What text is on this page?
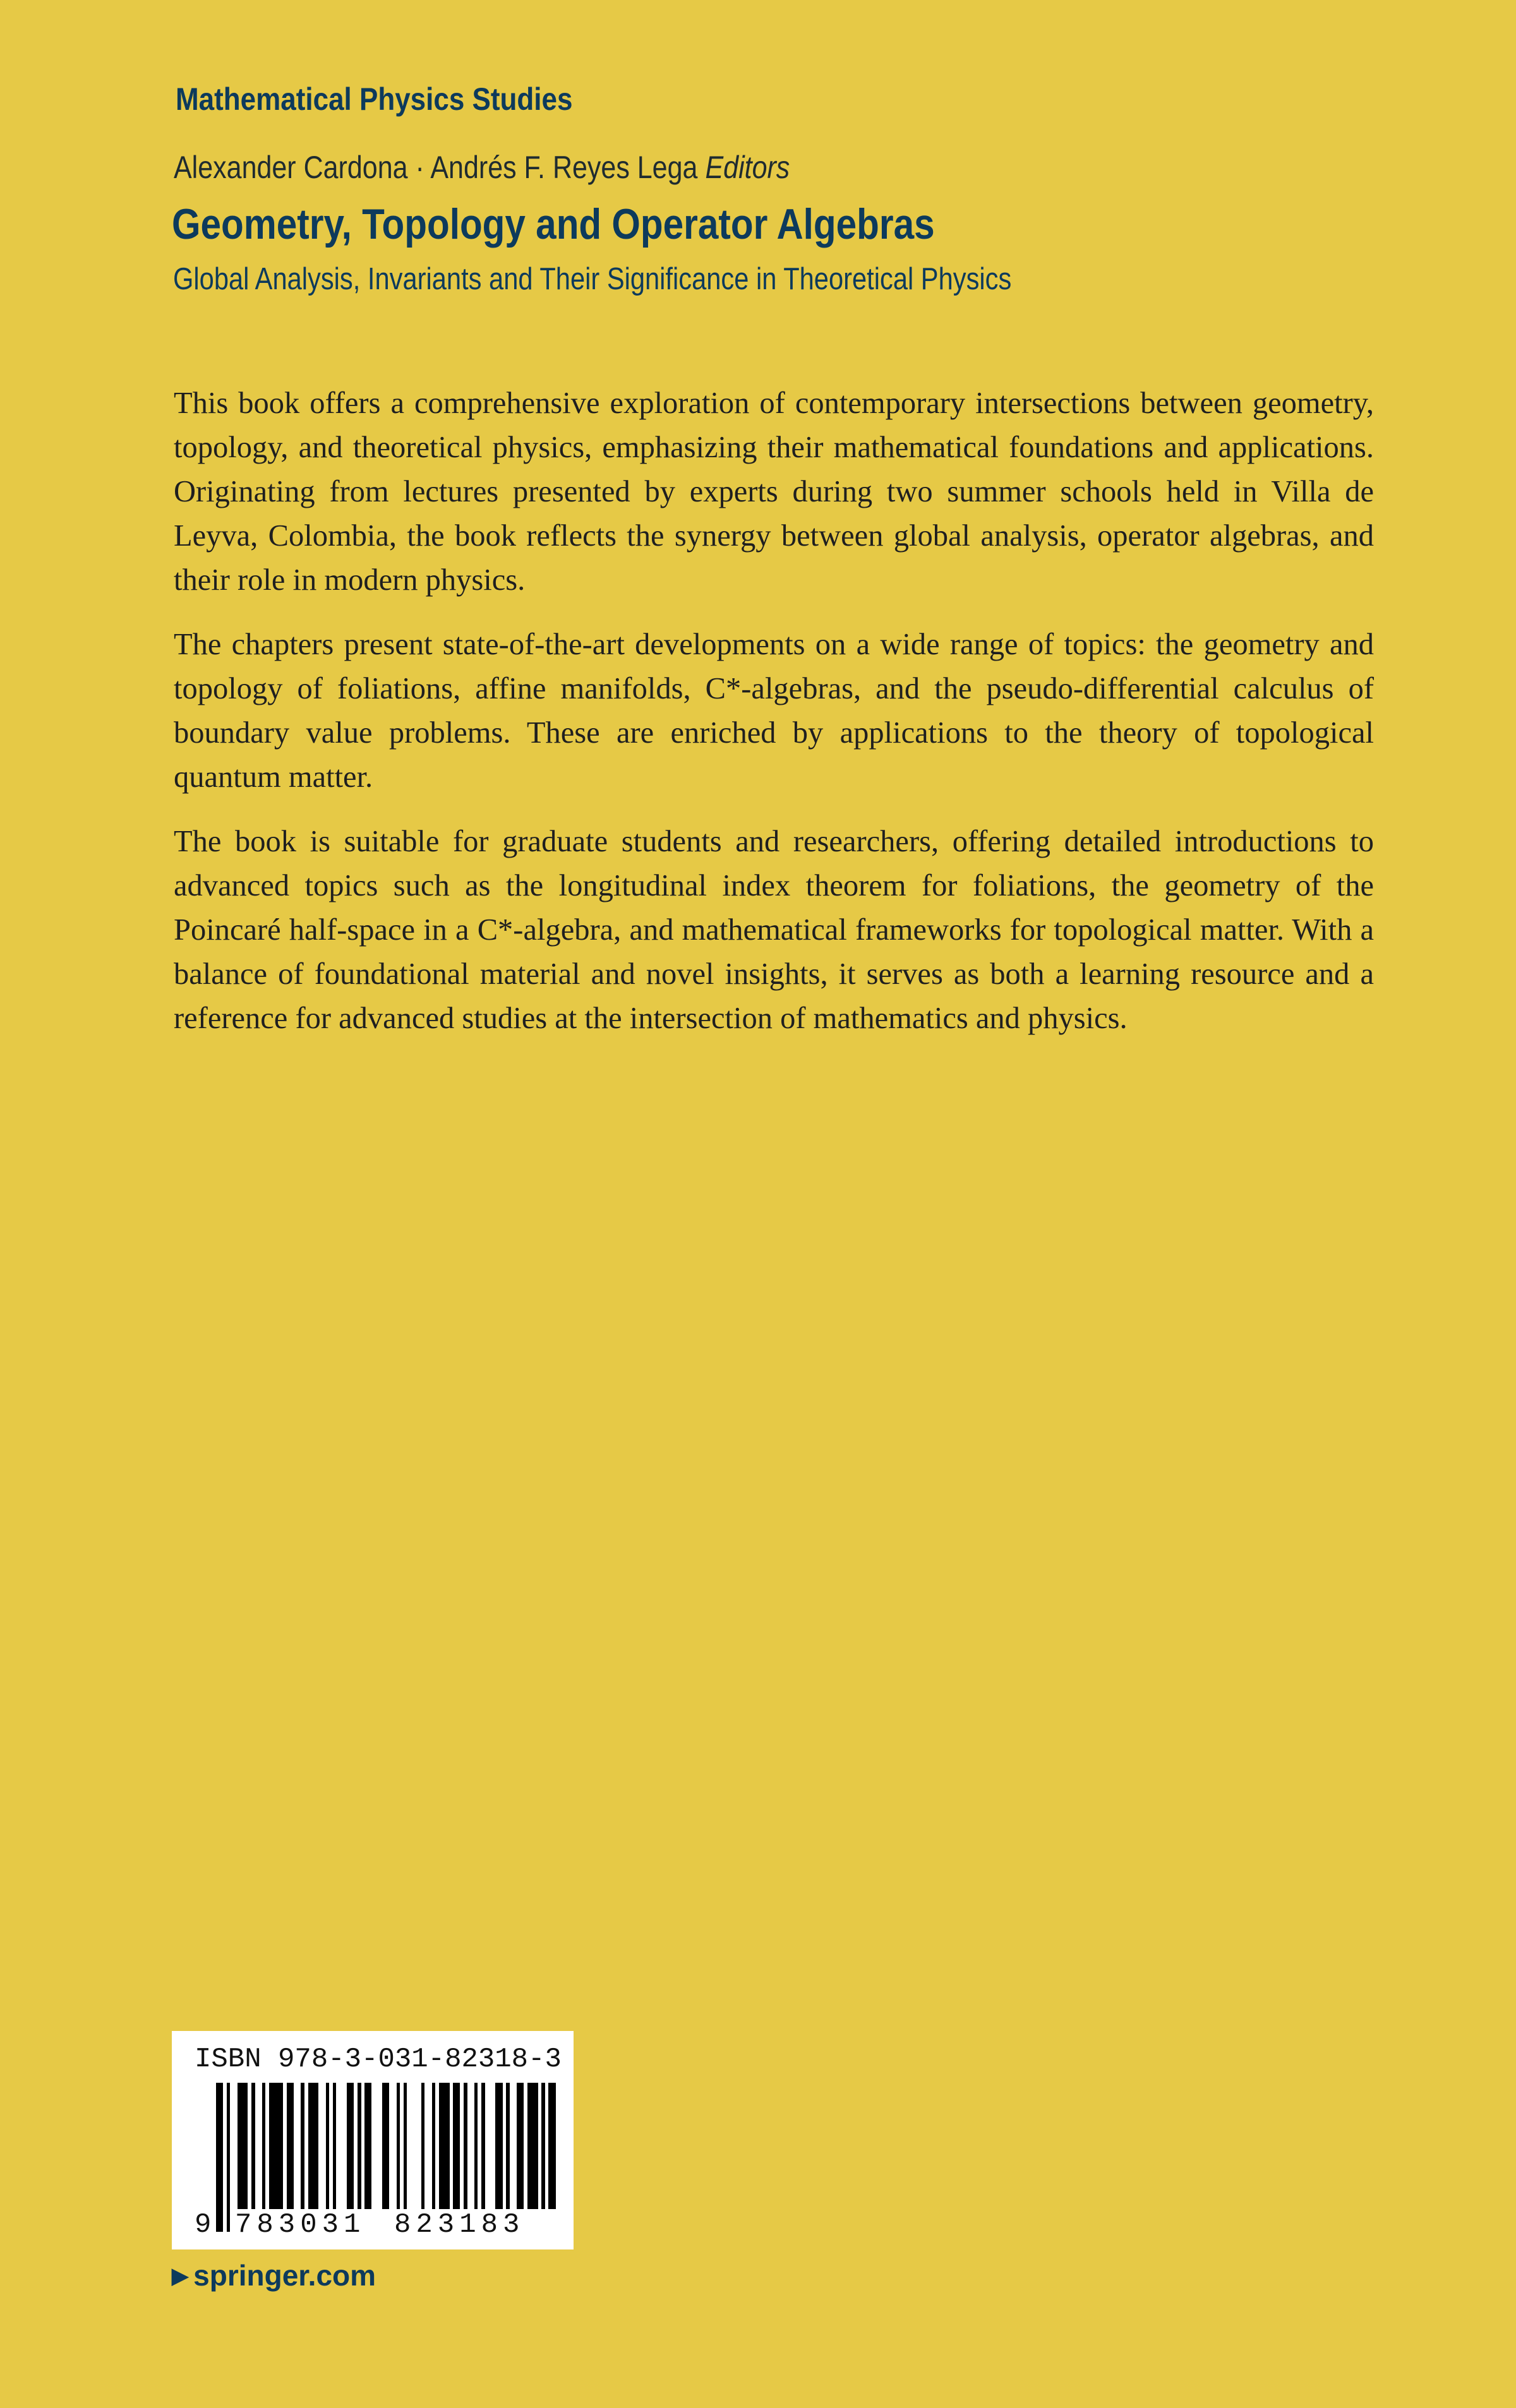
Mathematical Physics Studies
Alexander Cardona · Andrés F. Reyes Lega Editors
Geometry, Topology and Operator Algebras
Global Analysis, Invariants and Their Significance in Theoretical Physics

This book offers a comprehensive exploration of contemporary intersections between geometry, topology, and theoretical physics, emphasizing their mathematical foundations and applications. Originating from lectures presented by experts during two summer schools held in Villa de Leyva, Colombia, the book reflects the synergy between global analysis, operator algebras, and their role in modern physics.

The chapters present state-of-the-art developments on a wide range of topics: the geometry and topology of foliations, affine manifolds, C*-algebras, and the pseudo-differential calculus of boundary value problems. These are enriched by applications to the theory of topological quantum matter.

The book is suitable for graduate students and researchers, offering detailed introductions to advanced topics such as the longitudinal index theorem for foliations, the geometry of the Poincaré half-space in a C*-algebra, and mathematical frameworks for topological matter. With a balance of foundational material and novel insights, it serves as both a learning resource and a reference for advanced studies at the intersection of mathematics and physics.

ISBN 978-3-031-82318-3
9 783031 823183
▶ springer.com
